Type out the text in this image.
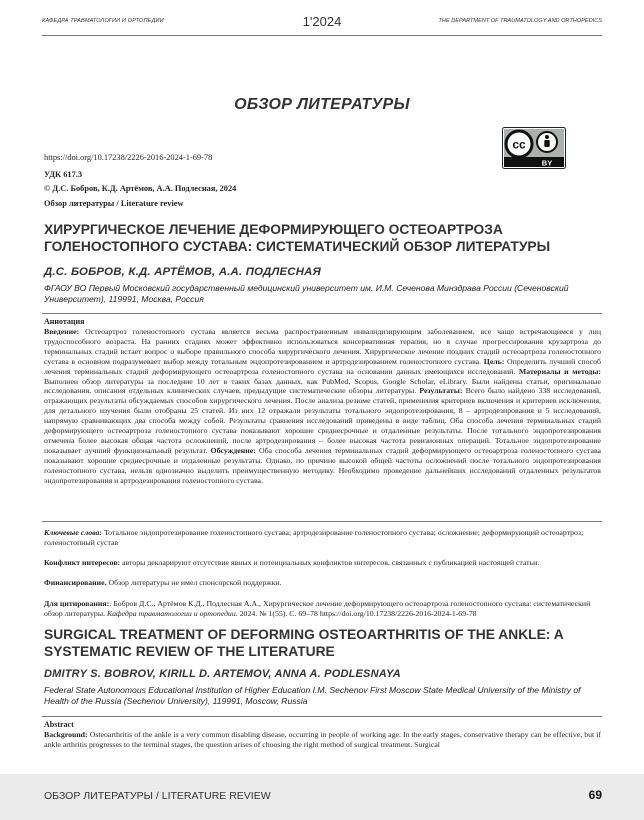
КАФЕДРА ТРАВМАТОЛОГИИ И ОРТОПЕДИИ	1'2024	THE DEPARTMENT OF TRAUMATOLOGY AND ORTHOPEDICS
ОБЗОР ЛИТЕРАТУРЫ
cc
BY
https://doi.org/10.17238/2226-2016-2024-1-69-78
УДК 617.3
© Д.С. Бобров, К.Д. Артёмов, А.А. Подлесная, 2024
Обзор литературы / Literature review
ХИРУРГИЧЕСКОЕ ЛЕЧЕНИЕ ДЕФОРМИРУЮЩЕГО ОСТЕОАРТРОЗА ГОЛЕНОСТОПНОГО СУСТАВА: СИСТЕМАТИЧЕСКИЙ ОБЗОР ЛИТЕРАТУРЫ
Д.С. БОБРОВ, К.Д. АРТЁМОВ, А.А. ПОДЛЕСНАЯ
ФГАОУ ВО Первый Московский государственный медицинский университет им. И.М. Сеченова Минздрава России (Сеченовский Университет), 119991, Москва, Россия
Аннотация
Введение: Остеоартроз голеностопного сустава является весьма распространенным инвалидизирующим заболеванием, все чаще встречающимся у лиц трудоспособного возраста. На ранних стадиях может эффективно использоваться консервативная терапия, но в случае прогрессирования крузартроза до терминальных стадий встает вопрос о выборе правильного способа хирургического лечения. Хирургическое лечение поздних стадий остеоартроза голеностопного сустава в основном подразумевает выбор между тотальным эндопротезированием и артродезированием голеностопного сустава. Цель: Определить лучший способ лечения терминальных стадий деформирующего остеоартроза голеностопного сустава на основании данных имеющихся исследований. Материалы и методы: Выполнен обзор литературы за последние 10 лет в таких базах данных, как PubMed, Scopus, Google Scholar, eLibrary. Были найдены статьи, оригинальные исследования, описания отдельных клинических случаев, предыдущие систематические обзоры литературы. Результаты: Всего было найдено 338 исследований, отражающих результаты обсуждаемых способов хирургического лечения. После анализа резюме статей, применения критериев включения и критериев исключения, для детального изучения были отобраны 25 статей. Из них 12 отражали результаты тотального эндопротезирования, 8 – артродезирования и 5 исследований, напрямую сравнивающих два способа между собой. Результаты сравнения исследований приведены в виде таблиц. Оба способа лечения терминальных стадий деформирующего остеоартроза голеностопного сустава показывают хорошие среднесрочные и отдаленные результаты. После тотального эндопротезирования отмечена более высокая общая частота осложнений, после артродезирования – более высокая частота ревизионных операций. Тотальное эндопротезирование показывает лучший функциональный результат. Обсуждение: Оба способа лечения терминальных стадий деформирующего остеоартроза голеностопного сустава показывают хорошие среднесрочные и отдаленные результаты. Однако, по причине высокой общей частоты осложнений после тотального эндопротезирования голеностопного сустава, нельзя однозначно выделить преимущественную методику. Необходимо проведение дальнейших исследований отдаленных результатов эндопротезирования и артродезирования голеностопного сустава.
Ключевые слова: Тотальное эндопротезирование голеностопного сустава; артродезирование голеностопного сустава; осложнение; деформирующий остеоартроз; голеностопный сустав
Конфликт интересов: авторы декларируют отсутствие явных и потенциальных конфликтов интересов, связанных с публикацией настоящей статьи.
Финансирование. Обзор литературы не имел спонсорской поддержки.
Для цитирования:: Бобров Д.С., Артёмов К.Д., Подлесная А.А., Хирургическое лечение деформирующего остеоартроза голеностопного сустава: систематический обзор литературы. Кафедра травматологии и ортопедии. 2024. № 1(55). С. 69–78 https://doi.org/10.17238/2226-2016-2024-1-69-78
SURGICAL TREATMENT OF DEFORMING OSTEOARTHRITIS OF THE ANKLE: A SYSTEMATIC REVIEW OF THE LITERATURE
DMITRY S. BOBROV, KIRILL D. ARTEMOV, ANNA A. PODLESNAYA
Federal State Autonomous Educational Institution of Higher Education I.M. Sechenov First Moscow State Medical University of the Ministry of Health of the Russia (Sechenov University), 119991, Moscow, Russia
Abstract
Background: Osteoarthritis of the ankle is a very common disabling disease, occurring in people of working age. In the early stages, conservative therapy can be effective, but if ankle arthritis progresses to the terminal stages, the question arises of choosing the right method of surgical treatment. Surgical
ОБЗОР ЛИТЕРАТУРЫ / LITERATURE REVIEW	69
